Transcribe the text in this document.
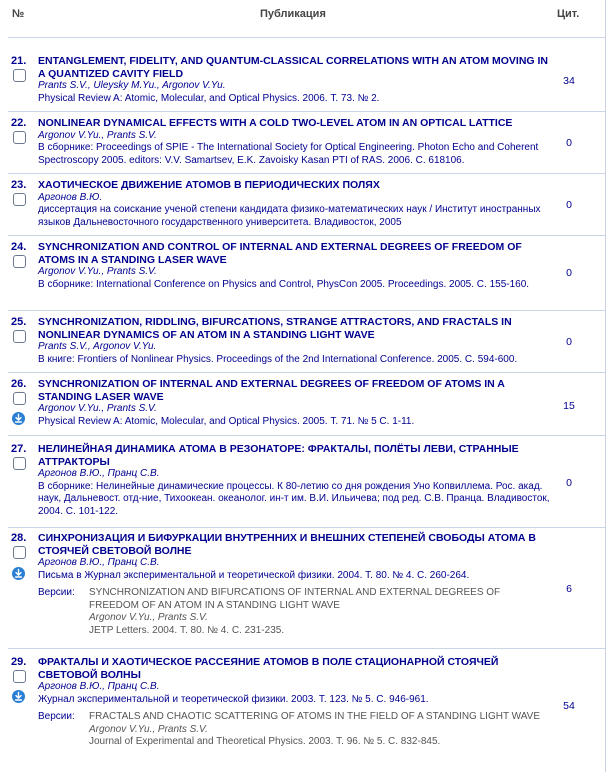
№	Публикация	Цит.
21. ENTANGLEMENT, FIDELITY, AND QUANTUM-CLASSICAL CORRELATIONS WITH AN ATOM MOVING IN A QUANTIZED CAVITY FIELD
Prants S.V., Uleysky M.Yu., Argonov V.Yu.
Physical Review A: Atomic, Molecular, and Optical Physics. 2006. Т. 73. № 2.
34
22. NONLINEAR DYNAMICAL EFFECTS WITH A COLD TWO-LEVEL ATOM IN AN OPTICAL LATTICE
Argonov V.Yu., Prants S.V.
В сборнике: Proceedings of SPIE - The International Society for Optical Engineering. Photon Echo and Coherent Spectroscopy 2005. editors: V.V. Samartsev, E.K. Zavoisky Kasan PTI of RAS. 2006. С. 618106.
0
23. ХАОТИЧЕСКОЕ ДВИЖЕНИЕ АТОМОВ В ПЕРИОДИЧЕСКИХ ПОЛЯХ
Аргонов В.Ю.
диссертация на соискание ученой степени кандидата физико-математических наук / Институт иностранных языков Дальневосточного государственного университета. Владивосток, 2005
0
24. SYNCHRONIZATION AND CONTROL OF INTERNAL AND EXTERNAL DEGREES OF FREEDOM OF ATOMS IN A STANDING LASER WAVE
Argonov V.Yu., Prants S.V.
В сборнике: International Conference on Physics and Control, PhysCon 2005. Proceedings. 2005. С. 155-160.
0
25. SYNCHRONIZATION, RIDDLING, BIFURCATIONS, STRANGE ATTRACTORS, AND FRACTALS IN NONLINEAR DYNAMICS OF AN ATOM IN A STANDING LIGHT WAVE
Prants S.V., Argonov V.Yu.
В книге: Frontiers of Nonlinear Physics. Proceedings of the 2nd International Conference. 2005. С. 594-600.
0
26. SYNCHRONIZATION OF INTERNAL AND EXTERNAL DEGREES OF FREEDOM OF ATOMS IN A STANDING LASER WAVE
Argonov V.Yu., Prants S.V.
Physical Review A: Atomic, Molecular, and Optical Physics. 2005. Т. 71. № 5 С. 1-11.
15
27. НЕЛИНЕЙНАЯ ДИНАМИКА АТОМА В РЕЗОНАТОРЕ: ФРАКТАЛЫ, ПОЛЁТЫ ЛЕВИ, СТРАННЫЕ АТТРАКТОРЫ
Аргонов В.Ю., Пранц С.В.
В сборнике: Нелинейные динамические процессы. К 80-летию со дня рождения Уно Копвиллема. Рос. акад. наук, Дальневост. отд-ние, Тихоокеан. океанолог. ин-т им. В.И. Ильичева; под ред. С.В. Пранца. Владивосток, 2004. С. 101-122.
0
28. СИНХРОНИЗАЦИЯ И БИФУРКАЦИИ ВНУТРЕННИХ И ВНЕШНИХ СТЕПЕНЕЙ СВОБОДЫ АТОМА В СТОЯЧЕЙ СВЕТОВОЙ ВОЛНЕ
Аргонов В.Ю., Пранц С.В.
Письма в Журнал экспериментальной и теоретической физики. 2004. Т. 80. № 4. С. 260-264.
Версии: SYNCHRONIZATION AND BIFURCATIONS OF INTERNAL AND EXTERNAL DEGREES OF FREEDOM OF AN ATOM IN A STANDING LIGHT WAVE
Argonov V.Yu., Prants S.V.
JETP Letters. 2004. Т. 80. № 4. С. 231-235.
6
29. ФРАКТАЛЫ И ХАОТИЧЕСКОЕ РАССЕЯНИЕ АТОМОВ В ПОЛЕ СТАЦИОНАРНОЙ СТОЯЧЕЙ СВЕТОВОЙ ВОЛНЫ
Аргонов В.Ю., Пранц С.В.
Журнал экспериментальной и теоретической физики. 2003. Т. 123. № 5. С. 946-961.
Версии: FRACTALS AND CHAOTIC SCATTERING OF ATOMS IN THE FIELD OF A STANDING LIGHT WAVE
Argonov V.Yu., Prants S.V.
Journal of Experimental and Theoretical Physics. 2003. Т. 96. № 5. С. 832-845.
54
